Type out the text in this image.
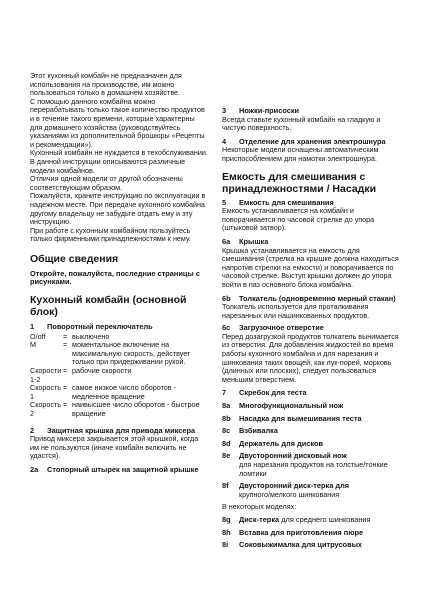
Этот кухонный комбайн не предназначен для использования на производстве, им можно пользоваться только в домашнем хозяйстве.

С помощью данного комбайна можно перерабатывать только такое количество продуктов и в течение такого времени, которые характерны для домашнего хозяйства (руководствуйтесь указаниями из дополнительной брошюры «Рецепты и рекомендации»).

Кухонный комбайн не нуждается в техобслуживании.

В данной инструкции описываются различные модели комбайнов.

Отличия одной модели от другой обозначены соответствующим образом.

Пожалуйста, храните инструкцию по эксплуатации в надежном месте. При передаче кухонного комбайна другому владельцу не забудьте отдать ему и эту инструкцию.

При работе с кухонным комбайном пользуйтесь только фирменными принадлежностями к нему.

Общие сведения
Откройте, пожалуйста, последние страницы с рисунками.
Кухонный комбайн (основной блок)
1	Поворотный переключатель
O/off	= выключено
M	= моментальное включение на максимальную скорость, действует только при придерживании рукой.
Скорости 1-2
= рабочие скорости
Скорость 1
= самое низкое число оборотов - медленное вращение
Скорость 2
= наивысшее число оборотов - быстрое вращение
2	Защитная крышка для привода миксера

Привод миксера закрывается этой крышкой, когда им не пользуются (иначе комбайн включить не удастся).

2a	Стопорный штырек на защитной крышке
3	Ножки-присоски

Всегда ставьте кухонный комбайн на гладкую и чистую поверхность.

4	Отделение для хранения электрошнура

Некоторые модели оснащены автоматическим приспособлением для намотки электрошнура.

Емкость для смешивания с принадлежностями / Насадки
5	Емкость для смешивания

Емкость устанавливается на комбайн и поворачивается по часовой стрелке до упора (штыковой затвор).

6а	Крышка

Крышка устанавливается на емкость для смешивания (стрелка на крышке должна находиться напротив стрелки на емкости) и поворачивается по часовой стрелке. Выступ крышки должен до упора войти в паз основного блока комбайна.

6b	Толкатель (одновременно мерный стакан)

Толкатель используется для проталкивания нарезанных или нашинкованных продуктов.

6с	Загрузочное отверстие

Перед дозагрузкой продуктов толкатель вынимается из отверстия. Для добавления жидкостей во время работы кухонного комбайна и для нарезания и шинкования таких овощей, как лук-порей, морковь (длинных или плоских), следует пользоваться меньшим отверстием.

7	Скребок для теста
8а	Многофункциональный нож
8b	Насадка для вымешивания теста
8с	Взбивалка
8d	Держатель для дисков
8е	Двусторонний дисковый нож

для нарезания продуктов на толстые/тонкие ломтики

8f	Двусторонний диск-терка для

крупного/мелкого шинкования

В некоторых моделях:

8g	Диск-терка для среднего шинкования
8h	Вставка для приготовления пюре
8i	Соковыжималка для цитрусовых
